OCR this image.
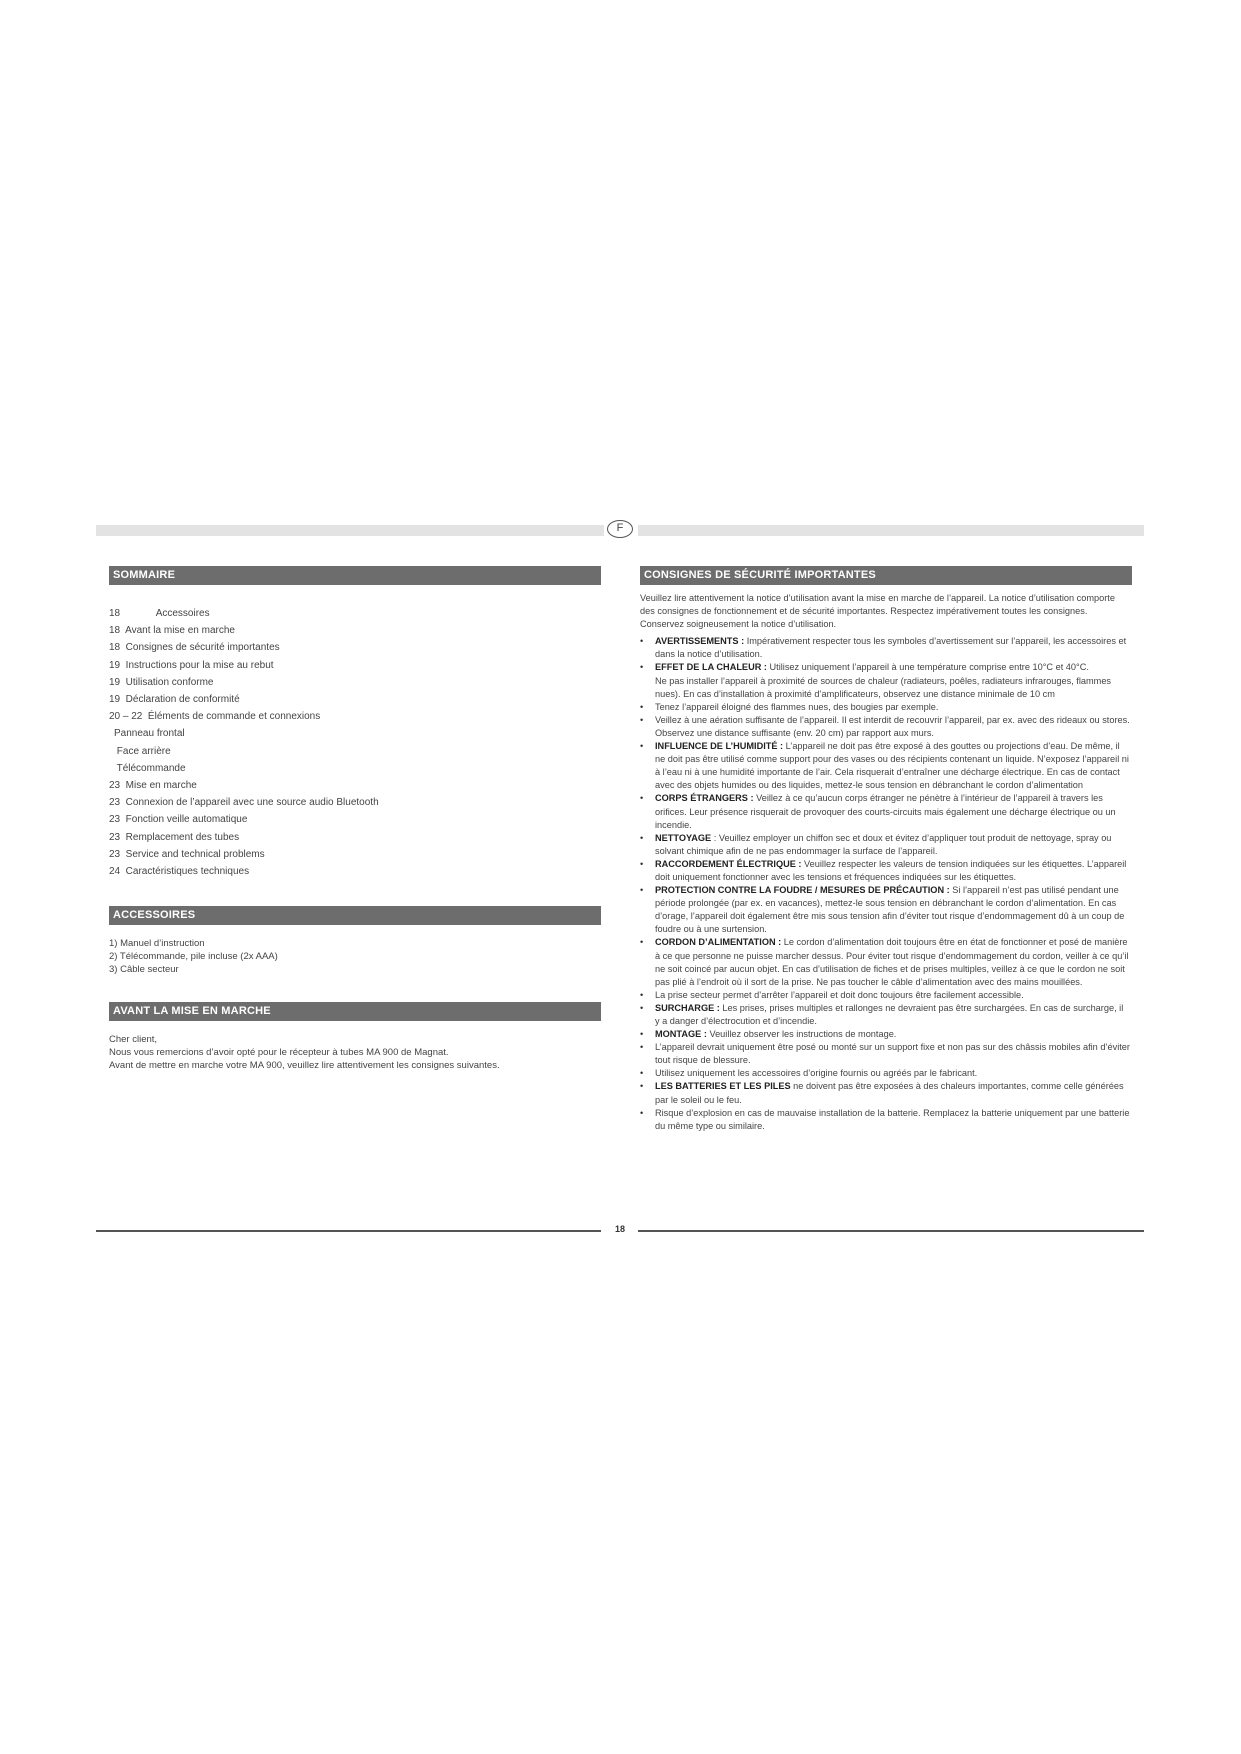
F
SOMMAIRE
18             Accessoires
18  Avant la mise en marche
18  Consignes de sécurité importantes
19  Instructions pour la mise au rebut
19  Utilisation conforme
19  Déclaration de conformité
20 – 22  Éléments de commande et connexions
Panneau frontal
Face arrière
Télécommande
23  Mise en marche
23  Connexion de l’appareil avec une source audio Bluetooth
23  Fonction veille automatique
23  Remplacement des tubes
23  Service and technical problems
24  Caractéristiques techniques
ACCESSOIRES
1) Manuel d’instruction
2) Télécommande, pile incluse (2x AAA)
3) Câble secteur
AVANT LA MISE EN MARCHE
Cher client,
Nous vous remercions d’avoir opté pour le récepteur à tubes MA 900 de Magnat.
Avant de mettre en marche votre MA 900, veuillez lire attentivement les consignes suivantes.
CONSIGNES DE SÉCURITÉ IMPORTANTES

Veuillez lire attentivement la notice d’utilisation avant la mise en marche de l’appareil. La notice d’utilisation comporte des consignes de fonctionnement et de sécurité importantes. Respectez impérativement toutes les consignes. Conservez soigneusement la notice d’utilisation.

•	AVERTISSEMENTS : Impérativement respecter tous les symboles d’avertissement sur l’appareil, les accessoires et dans la notice d’utilisation.
•	EFFET DE LA CHALEUR : Utilisez uniquement l’appareil à une température comprise entre 10°C et 40°C.
Ne pas installer l’appareil à proximité de sources de chaleur (radiateurs, poêles, radiateurs infrarouges, flammes nues). En cas d’installation à proximité d’amplificateurs, observez une distance minimale de 10 cm
•	Tenez l’appareil éloigné des flammes nues, des bougies par exemple.
•	Veillez à une aération suffisante de l’appareil. Il est interdit de recouvrir l’appareil, par ex. avec des rideaux ou stores. Observez une distance suffisante (env. 20 cm) par rapport aux murs.
•	INFLUENCE DE L’HUMIDITÉ : L’appareil ne doit pas être exposé à des gouttes ou projections d’eau. De même, il ne doit pas être utilisé comme support pour des vases ou des récipients contenant un liquide. N’exposez l’appareil ni à l’eau ni à une humidité importante de l’air. Cela risquerait d’entraîner une décharge électrique. En cas de contact avec des objets humides ou des liquides, mettez-le sous tension en débranchant le cordon d’alimentation
•	CORPS ÉTRANGERS : Veillez à ce qu’aucun corps étranger ne pénètre à l’intérieur de l’appareil à travers les orifices. Leur présence risquerait de provoquer des courts-circuits mais également une décharge électrique ou un incendie.
•	NETTOYAGE : Veuillez employer un chiffon sec et doux et évitez d’appliquer tout produit de nettoyage, spray ou solvant chimique afin de ne pas endommager la surface de l’appareil.
•	RACCORDEMENT ÉLECTRIQUE : Veuillez respecter les valeurs de tension indiquées sur les étiquettes. L’appareil doit uniquement fonctionner avec les tensions et fréquences indiquées sur les étiquettes.
•	PROTECTION CONTRE LA FOUDRE / MESURES DE PRÉCAUTION : Si l’appareil n’est pas utilisé pendant une période prolongée (par ex. en vacances), mettez-le sous tension en débranchant le cordon d’alimentation. En cas d’orage, l’appareil doit également être mis sous tension afin d’éviter tout risque d’endommagement dû à un coup de foudre ou à une surtension.
•	CORDON D’ALIMENTATION : Le cordon d’alimentation doit toujours être en état de fonctionner et posé de manière à ce que personne ne puisse marcher dessus. Pour éviter tout risque d’endommagement du cordon, veiller à ce qu’il ne soit coincé par aucun objet. En cas d’utilisation de fiches et de prises multiples, veillez à ce que le cordon ne soit pas plié à l’endroit où il sort de la prise. Ne pas toucher le câble d’alimentation avec des mains mouillées.
•	La prise secteur permet d’arrêter l’appareil et doit donc toujours être facilement accessible.
•	SURCHARGE : Les prises, prises multiples et rallonges ne devraient pas être surchargées. En cas de surcharge, il y a danger d’électrocution et d’incendie.
•	MONTAGE : Veuillez observer les instructions de montage.
•	L’appareil devrait uniquement être posé ou monté sur un support fixe et non pas sur des châssis mobiles afin d’éviter tout risque de blessure.
•	Utilisez uniquement les accessoires d’origine fournis ou agréés par le fabricant.
•	LES BATTERIES ET LES PILES ne doivent pas être exposées à des chaleurs importantes, comme celle générées par le soleil ou le feu.
•	Risque d’explosion en cas de mauvaise installation de la batterie. Remplacez la batterie uniquement par une batterie du même type ou similaire.
18
